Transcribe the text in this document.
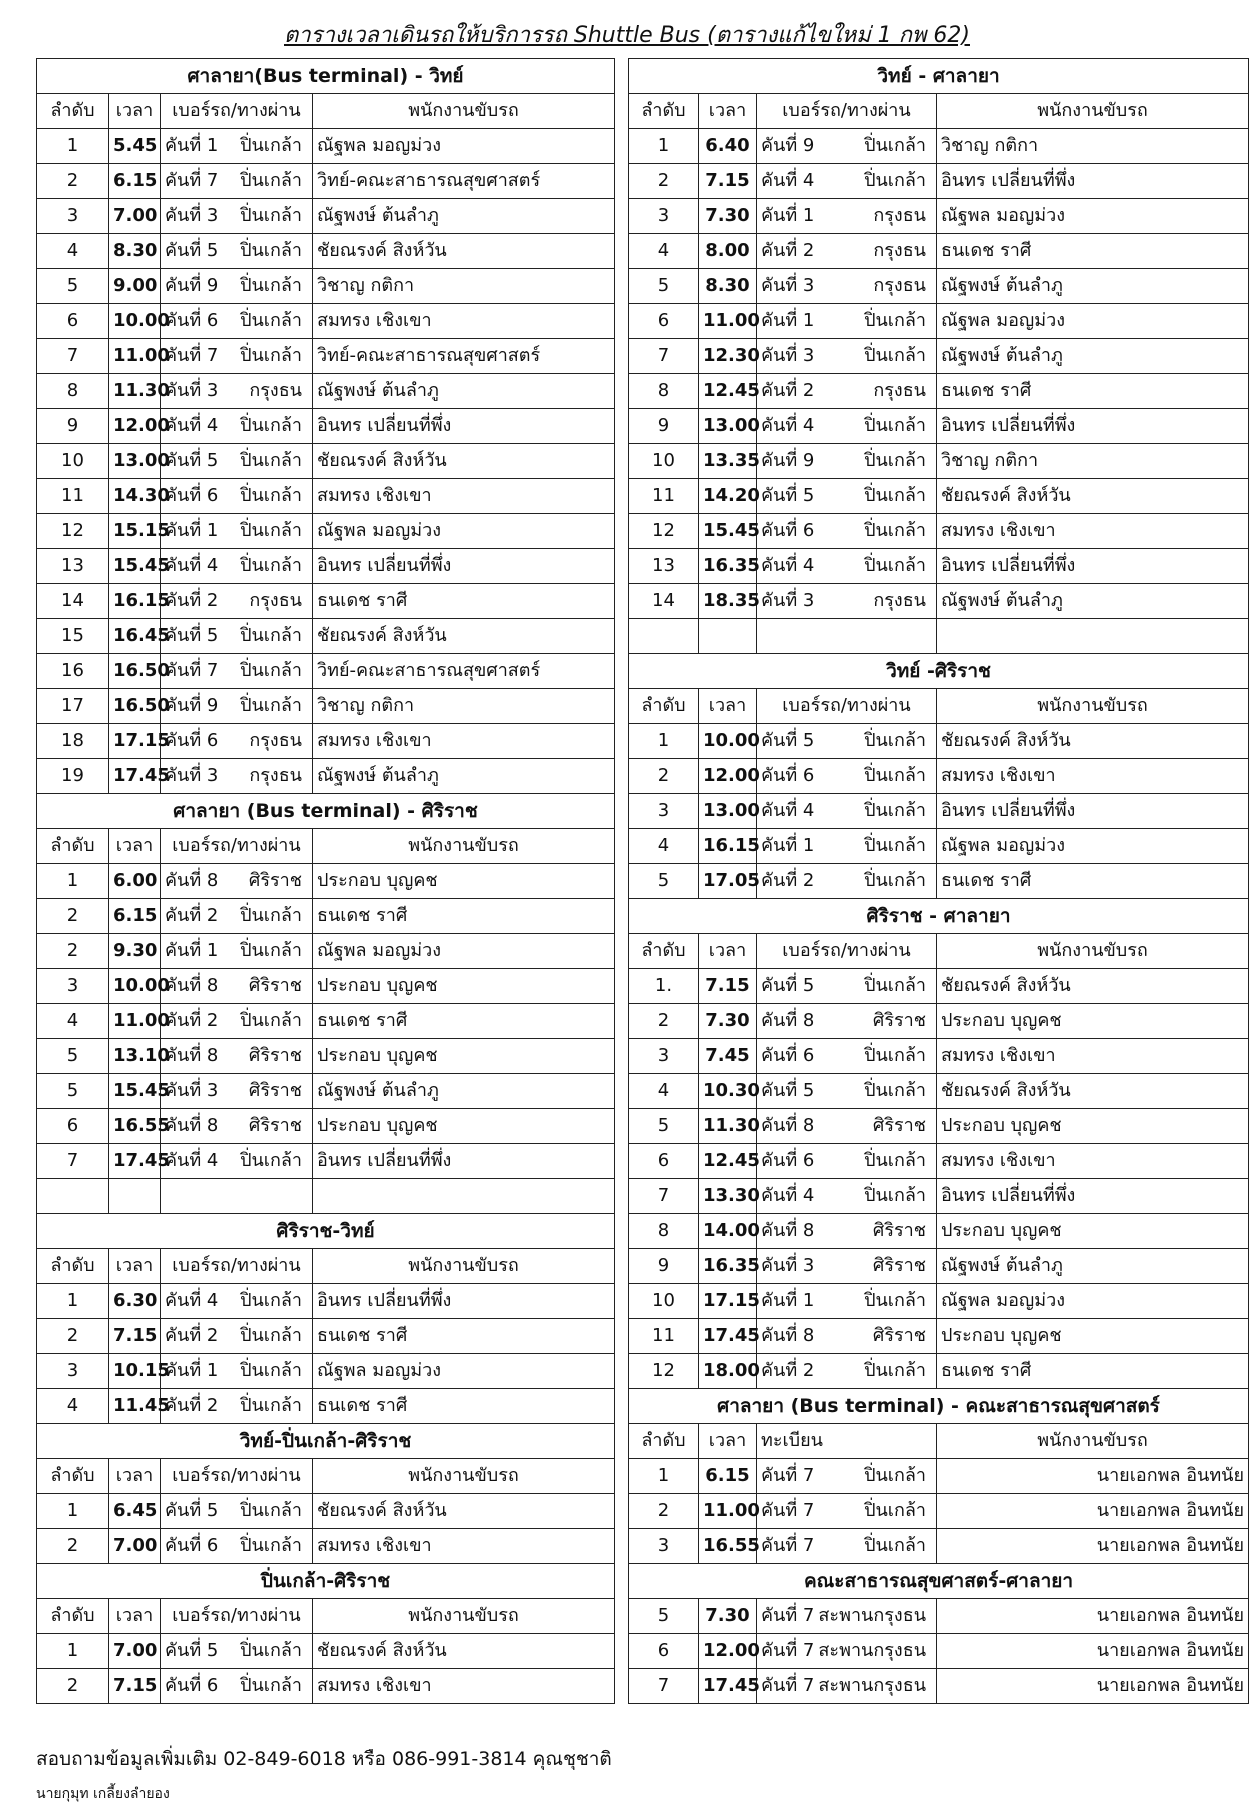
ตารางเวลาเดินรถให้บริการรถ Shuttle Bus (ตารางแก้ไขใหม่ 1 กพ 62)
ศาลายา(Bus terminal) - วิทย์			
ลำดับ	เวลา	เบอร์รถ/ทางผ่าน	พนักงานขับรถ
1	5.45	คันที่ 1 ปิ่นเกล้า	ณัฐพล มอญม่วง
2	6.15	คันที่ 7 ปิ่นเกล้า	วิทย์-คณะสาธารณสุขศาสตร์
3	7.00	คันที่ 3 ปิ่นเกล้า	ณัฐพงษ์ ต้นลำภู
4	8.30	คันที่ 5 ปิ่นเกล้า	ชัยณรงค์ สิงห์วัน
5	9.00	คันที่ 9 ปิ่นเกล้า	วิชาญ กติกา
6	10.00	คันที่ 6 ปิ่นเกล้า	สมทรง เชิงเขา
7	11.00	คันที่ 7 ปิ่นเกล้า	วิทย์-คณะสาธารณสุขศาสตร์
8	11.30	คันที่ 3 กรุงธน	ณัฐพงษ์ ต้นลำภู
9	12.00	คันที่ 4 ปิ่นเกล้า	อินทร เปลี่ยนที่พึ่ง
10	13.00	คันที่ 5 ปิ่นเกล้า	ชัยณรงค์ สิงห์วัน
11	14.30	คันที่ 6 ปิ่นเกล้า	สมทรง เชิงเขา
12	15.15	คันที่ 1 ปิ่นเกล้า	ณัฐพล มอญม่วง
13	15.45	คันที่ 4 ปิ่นเกล้า	อินทร เปลี่ยนที่พึ่ง
14	16.15	คันที่ 2 กรุงธน	ธนเดช ราศี
15	16.45	คันที่ 5 ปิ่นเกล้า	ชัยณรงค์ สิงห์วัน
16	16.50	คันที่ 7 ปิ่นเกล้า	วิทย์-คณะสาธารณสุขศาสตร์
17	16.50	คันที่ 9 ปิ่นเกล้า	วิชาญ กติกา
18	17.15	คันที่ 6 กรุงธน	สมทรง เชิงเขา
19	17.45	คันที่ 3 กรุงธน	ณัฐพงษ์ ต้นลำภู
ศาลายา (Bus terminal) - ศิริราช			
ลำดับ	เวลา	เบอร์รถ/ทางผ่าน	พนักงานขับรถ
1	6.00	คันที่ 8 ศิริราช	ประกอบ บุญคช
2	6.15	คันที่ 2 ปิ่นเกล้า	ธนเดช ราศี
2	9.30	คันที่ 1 ปิ่นเกล้า	ณัฐพล มอญม่วง
3	10.00	คันที่ 8 ศิริราช	ประกอบ บุญคช
4	11.00	คันที่ 2 ปิ่นเกล้า	ธนเดช ราศี
5	13.10	คันที่ 8 ศิริราช	ประกอบ บุญคช
5	15.45	คันที่ 3 ศิริราช	ณัฐพงษ์ ต้นลำภู
6	16.55	คันที่ 8 ศิริราช	ประกอบ บุญคช
7	17.45	คันที่ 4 ปิ่นเกล้า	อินทร เปลี่ยนที่พึ่ง

ศิริราช-วิทย์			
ลำดับ	เวลา	เบอร์รถ/ทางผ่าน	พนักงานขับรถ
1	6.30	คันที่ 4 ปิ่นเกล้า	อินทร เปลี่ยนที่พึ่ง
2	7.15	คันที่ 2 ปิ่นเกล้า	ธนเดช ราศี
3	10.15	คันที่ 1 ปิ่นเกล้า	ณัฐพล มอญม่วง
4	11.45	คันที่ 2 ปิ่นเกล้า	ธนเดช ราศี
วิทย์-ปิ่นเกล้า-ศิริราช			
ลำดับ	เวลา	เบอร์รถ/ทางผ่าน	พนักงานขับรถ
1	6.45	คันที่ 5 ปิ่นเกล้า	ชัยณรงค์ สิงห์วัน
2	7.00	คันที่ 6 ปิ่นเกล้า	สมทรง เชิงเขา
ปิ่นเกล้า-ศิริราช			
ลำดับ	เวลา	เบอร์รถ/ทางผ่าน	พนักงานขับรถ
1	7.00	คันที่ 5 ปิ่นเกล้า	ชัยณรงค์ สิงห์วัน
2	7.15	คันที่ 6 ปิ่นเกล้า	สมทรง เชิงเขา
วิทย์ - ศาลายา			
ลำดับ	เวลา	เบอร์รถ/ทางผ่าน	พนักงานขับรถ
1	6.40	คันที่ 9 ปิ่นเกล้า	วิชาญ กติกา
2	7.15	คันที่ 4 ปิ่นเกล้า	อินทร เปลี่ยนที่พึ่ง
3	7.30	คันที่ 1 กรุงธน	ณัฐพล มอญม่วง
4	8.00	คันที่ 2 กรุงธน	ธนเดช ราศี
5	8.30	คันที่ 3 กรุงธน	ณัฐพงษ์ ต้นลำภู
6	11.00	คันที่ 1 ปิ่นเกล้า	ณัฐพล มอญม่วง
7	12.30	คันที่ 3 ปิ่นเกล้า	ณัฐพงษ์ ต้นลำภู
8	12.45	คันที่ 2 กรุงธน	ธนเดช ราศี
9	13.00	คันที่ 4 ปิ่นเกล้า	อินทร เปลี่ยนที่พึ่ง
10	13.35	คันที่ 9 ปิ่นเกล้า	วิชาญ กติกา
11	14.20	คันที่ 5 ปิ่นเกล้า	ชัยณรงค์ สิงห์วัน
12	15.45	คันที่ 6 ปิ่นเกล้า	สมทรง เชิงเขา
13	16.35	คันที่ 4 ปิ่นเกล้า	อินทร เปลี่ยนที่พึ่ง
14	18.35	คันที่ 3 กรุงธน	ณัฐพงษ์ ต้นลำภู

วิทย์ -ศิริราช			
ลำดับ	เวลา	เบอร์รถ/ทางผ่าน	พนักงานขับรถ
1	10.00	คันที่ 5 ปิ่นเกล้า	ชัยณรงค์ สิงห์วัน
2	12.00	คันที่ 6 ปิ่นเกล้า	สมทรง เชิงเขา
3	13.00	คันที่ 4 ปิ่นเกล้า	อินทร เปลี่ยนที่พึ่ง
4	16.15	คันที่ 1 ปิ่นเกล้า	ณัฐพล มอญม่วง
5	17.05	คันที่ 2 ปิ่นเกล้า	ธนเดช ราศี
ศิริราช - ศาลายา			
ลำดับ	เวลา	เบอร์รถ/ทางผ่าน	พนักงานขับรถ
1.	7.15	คันที่ 5 ปิ่นเกล้า	ชัยณรงค์ สิงห์วัน
2	7.30	คันที่ 8 ศิริราช	ประกอบ บุญคช
3	7.45	คันที่ 6 ปิ่นเกล้า	สมทรง เชิงเขา
4	10.30	คันที่ 5 ปิ่นเกล้า	ชัยณรงค์ สิงห์วัน
5	11.30	คันที่ 8 ศิริราช	ประกอบ บุญคช
6	12.45	คันที่ 6 ปิ่นเกล้า	สมทรง เชิงเขา
7	13.30	คันที่ 4 ปิ่นเกล้า	อินทร เปลี่ยนที่พึ่ง
8	14.00	คันที่ 8 ศิริราช	ประกอบ บุญคช
9	16.35	คันที่ 3 ศิริราช	ณัฐพงษ์ ต้นลำภู
10	17.15	คันที่ 1 ปิ่นเกล้า	ณัฐพล มอญม่วง
11	17.45	คันที่ 8 ศิริราช	ประกอบ บุญคช
12	18.00	คันที่ 2 ปิ่นเกล้า	ธนเดช ราศี
ศาลายา (Bus terminal) - คณะสาธารณสุขศาสตร์			
ลำดับ	เวลา	ทะเบียน	พนักงานขับรถ
1	6.15	คันที่ 7 ปิ่นเกล้า	นายเอกพล อินทนัย
2	11.00	คันที่ 7 ปิ่นเกล้า	นายเอกพล อินทนัย
3	16.55	คันที่ 7 ปิ่นเกล้า	นายเอกพล อินทนัย
คณะสาธารณสุขศาสตร์-ศาลายา			
5	7.30	คันที่ 7 สะพานกรุงธน	นายเอกพล อินทนัย
6	12.00	คันที่ 7 สะพานกรุงธน	นายเอกพล อินทนัย
7	17.45	คันที่ 7 สะพานกรุงธน	นายเอกพล อินทนัย
สอบถามข้อมูลเพิ่มเติม 02-849-6018 หรือ 086-991-3814 คุณชุชาติ
นายกุมุท เกลี้ยงลำยอง
